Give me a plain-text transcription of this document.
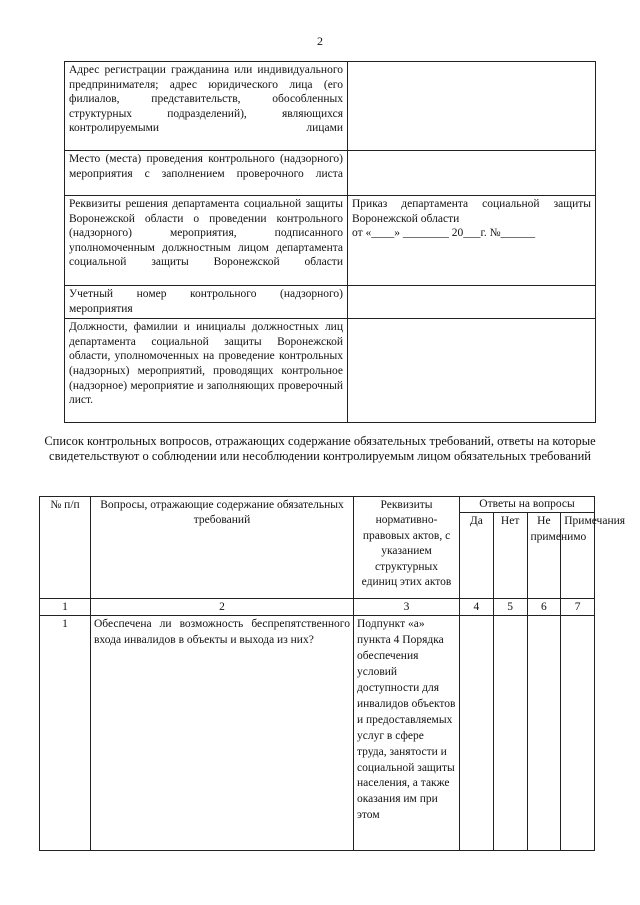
2
Адрес регистрации гражданина или индивидуального предпринимателя; адрес юридического лица (его филиалов, представительств, обособленных структурных подразделений), являющихся контролируемыми лицами	
Место (места) проведения контрольного (надзорного) мероприятия с заполнением проверочного листа	
Реквизиты решения департамента социальной защиты Воронежской области о проведении контрольного (надзорного) мероприятия, подписанного уполномоченным должностным лицом департамента социальной защиты Воронежской области	Приказ департамента социальной защиты Воронежской области
от «____» ________ 20___г. №______

Учетный номер контрольного (надзорного) мероприятия	
Должности, фамилии и инициалы должностных лиц департамента социальной защиты Воронежской области, уполномоченных на проведение контрольных (надзорных) мероприятий, проводящих контрольное (надзорное) мероприятие и заполняющих проверочный лист.	
Список контрольных вопросов, отражающих содержание обязательных требований, ответы на которые свидетельствуют о соблюдении или несоблюдении контролируемым лицом обязательных требований
№ п/п	Вопросы, отражающие содержание обязательных требований	Реквизиты нормативно-правовых актов, с указанием структурных единиц этих актов	Ответы на вопросы			
			Да	Нет	Не применимо	Примечания
1	2	3	4	5	6	7
1	Обеспечена ли возможность беспрепятственного входа инвалидов в объекты и выхода из них?	Подпункт «а» пункта 4 Порядка обеспечения условий доступности для инвалидов объектов и предоставляемых услуг в сфере труда, занятости и социальной защиты населения, а также оказания им при этом				
